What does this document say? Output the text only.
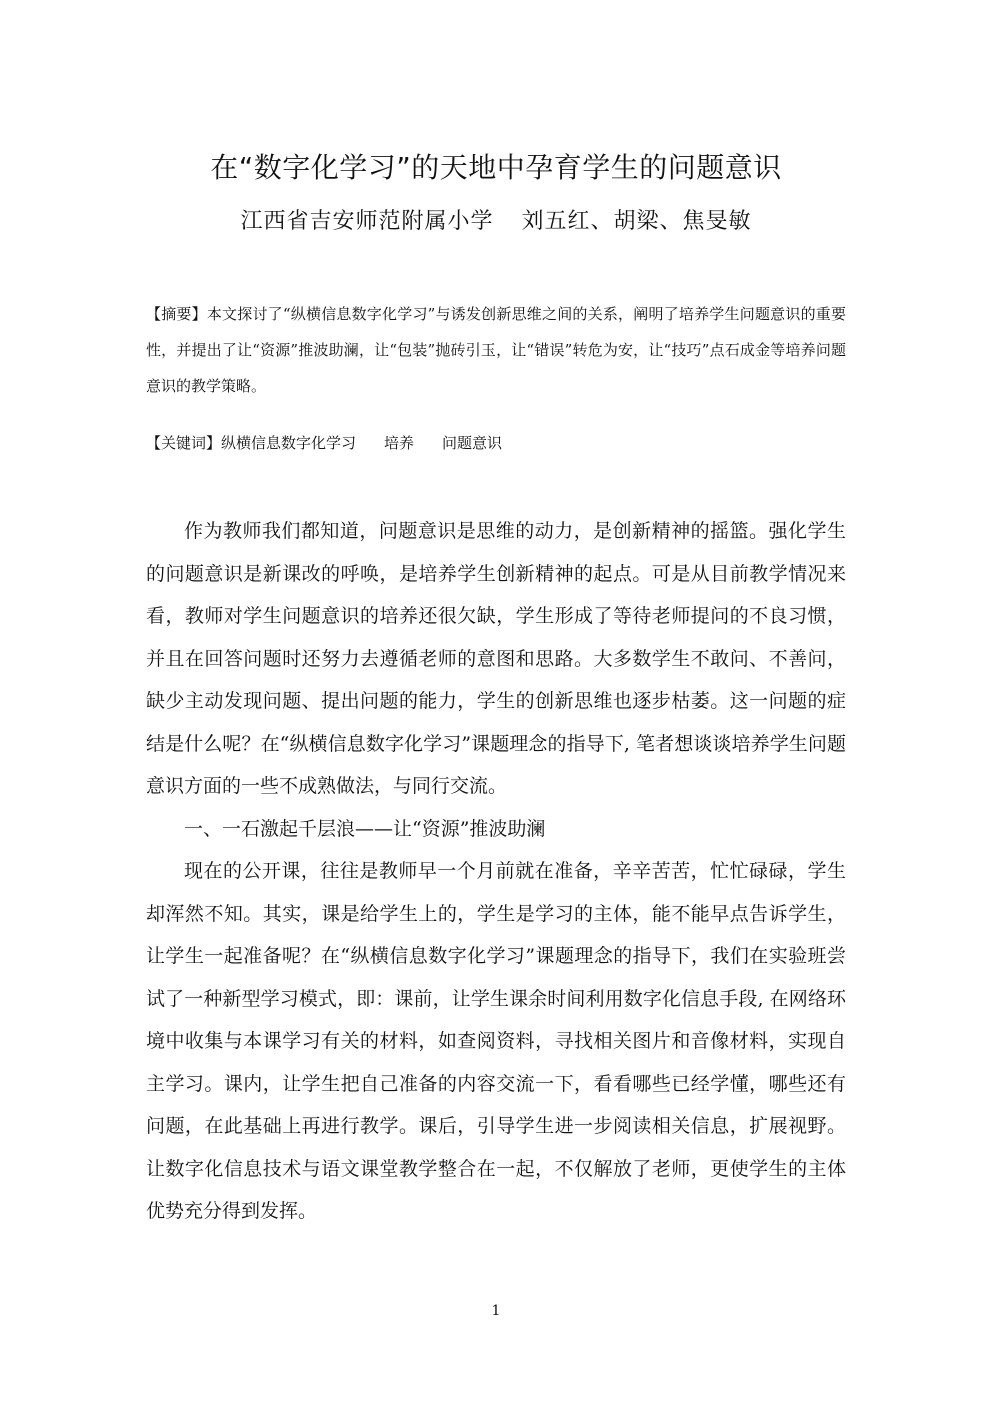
在“数字化学习”的天地中孕育学生的问题意识
江西省吉安师范附属小学 刘五红、胡梁、焦旻敏

【摘要】本文探讨了“纵横信息数字化学习”与诱发创新思维之间的关系，阐明了培养学生问题意识的重要性，并提出了让“资源”推波助澜，让“包装”抛砖引玉，让“错误”转危为安，让“技巧”点石成金等培养问题意识的教学策略。

【关键词】纵横信息数字化学习 培养 问题意识

作为教师我们都知道，问题意识是思维的动力，是创新精神的摇篮。强化学生的问题意识是新课改的呼唤，是培养学生创新精神的起点。可是从目前教学情况来看，教师对学生问题意识的培养还很欠缺，学生形成了等待老师提问的不良习惯，并且在回答问题时还努力去遵循老师的意图和思路。大多数学生不敢问、不善问，缺少主动发现问题、提出问题的能力，学生的创新思维也逐步枯萎。这一问题的症结是什么呢？在“纵横信息数字化学习”课题理念的指导下, 笔者想谈谈培养学生问题意识方面的一些不成熟做法，与同行交流。

一、一石激起千层浪——让“资源”推波助澜

现在的公开课，往往是教师早一个月前就在准备，辛辛苦苦，忙忙碌碌，学生却浑然不知。其实，课是给学生上的，学生是学习的主体，能不能早点告诉学生，让学生一起准备呢？在“纵横信息数字化学习”课题理念的指导下，我们在实验班尝试了一种新型学习模式，即：课前，让学生课余时间利用数字化信息手段, 在网络环境中收集与本课学习有关的材料，如查阅资料，寻找相关图片和音像材料，实现自主学习。课内，让学生把自己准备的内容交流一下，看看哪些已经学懂，哪些还有问题，在此基础上再进行教学。课后，引导学生进一步阅读相关信息，扩展视野。让数字化信息技术与语文课堂教学整合在一起，不仅解放了老师，更使学生的主体优势充分得到发挥。

1
